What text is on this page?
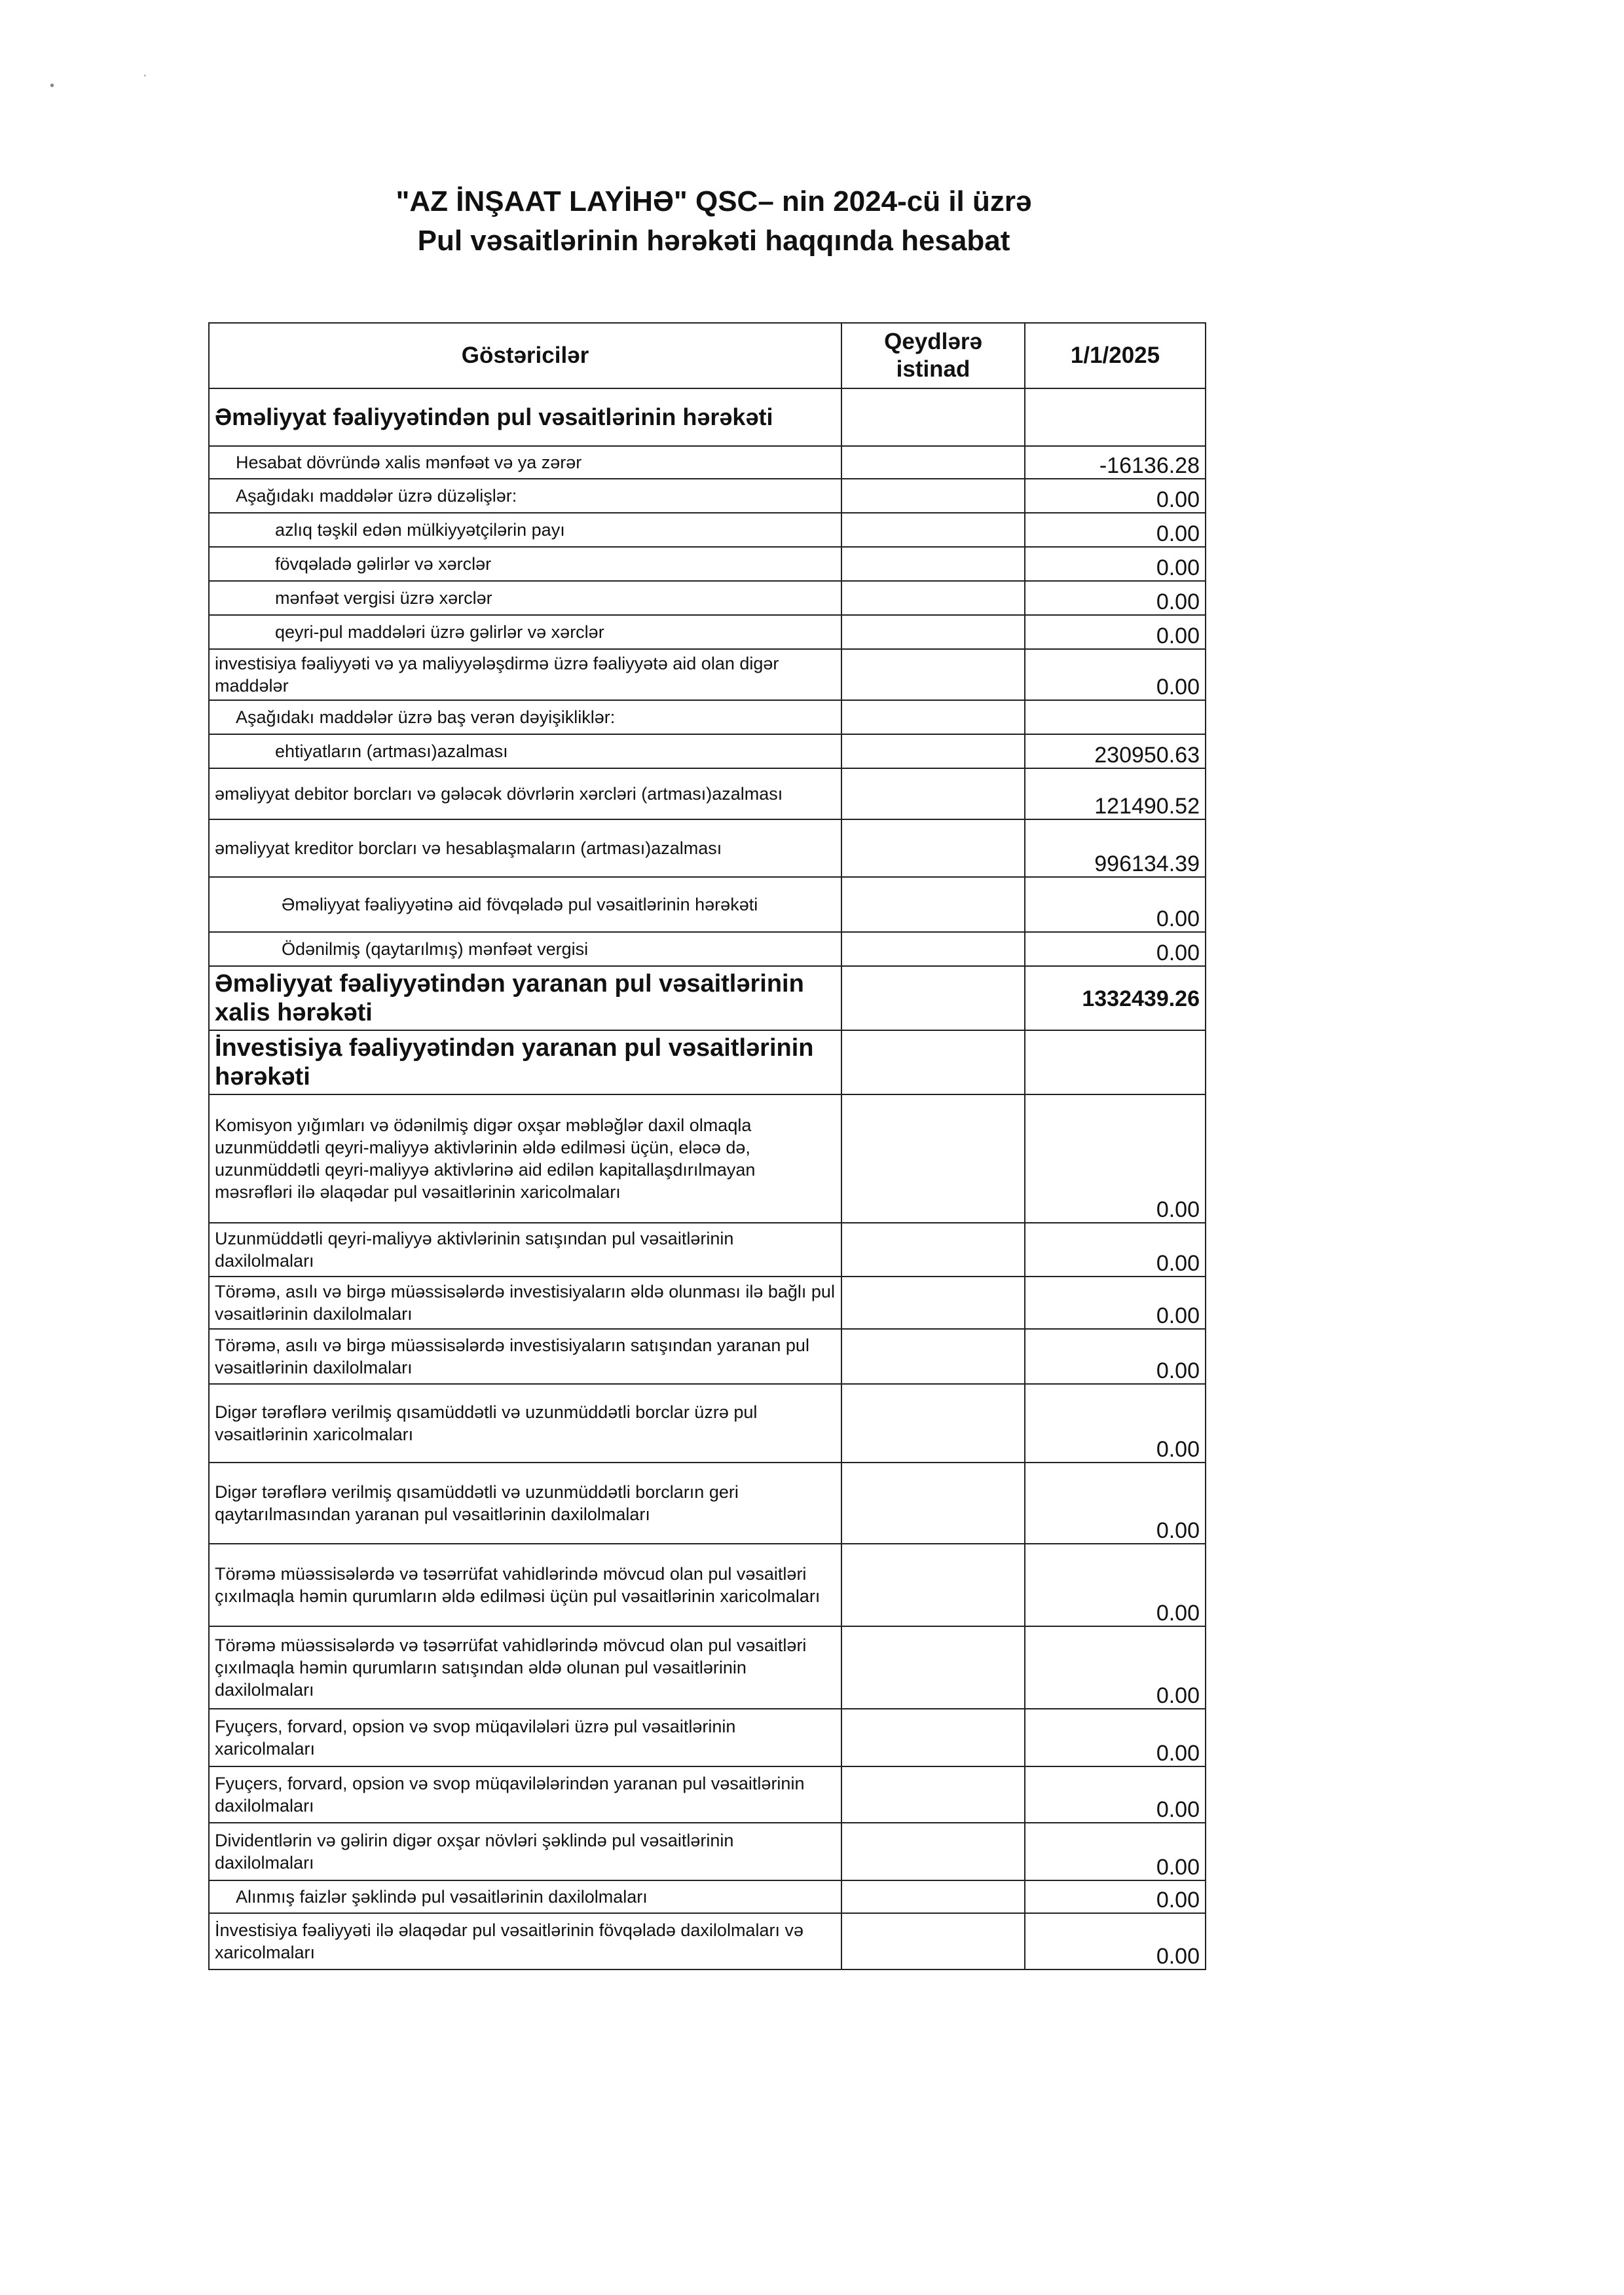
•
·
"AZ İNŞAAT LAYİHƏ" QSC– nin 2024-cü il üzrə
Pul vəsaitlərinin hərəkəti haqqında hesabat
Göstəricilər	Qeydlərə istinad	1/1/2025
Əməliyyat fəaliyyətindən pul vəsaitlərinin hərəkəti		
Hesabat dövründə xalis mənfəət və ya zərər		-16136.28
Aşağıdakı maddələr üzrə düzəlişlər:		0.00
azlıq təşkil edən mülkiyyətçilərin payı		0.00
fövqəladə gəlirlər və xərclər		0.00
mənfəət vergisi üzrə xərclər		0.00
qeyri-pul maddələri üzrə gəlirlər və xərclər		0.00
investisiya fəaliyyəti və ya maliyyələşdirmə üzrə fəaliyyətə aid olan digər maddələr		0.00
Aşağıdakı maddələr üzrə baş verən dəyişikliklər:		
ehtiyatların (artması)azalması		230950.63
əməliyyat debitor borcları və gələcək dövrlərin xərcləri (artması)azalması		121490.52
əməliyyat kreditor borcları və hesablaşmaların (artması)azalması		996134.39
Əməliyyat fəaliyyətinə aid fövqəladə pul vəsaitlərinin hərəkəti		0.00
Ödənilmiş (qaytarılmış) mənfəət vergisi		0.00
Əməliyyat fəaliyyətindən yaranan pul vəsaitlərinin xalis hərəkəti		1332439.26
İnvestisiya fəaliyyətindən yaranan pul vəsaitlərinin hərəkəti		
Komisyon yığımları və ödənilmiş digər oxşar məbləğlər daxil olmaqla uzunmüddətli qeyri-maliyyə aktivlərinin əldə edilməsi üçün, eləcə də, uzunmüddətli qeyri-maliyyə aktivlərinə aid edilən kapitallaşdırılmayan məsrəfləri ilə əlaqədar pul vəsaitlərinin xaricolmaları		0.00
Uzunmüddətli qeyri-maliyyə aktivlərinin satışından pul vəsaitlərinin daxilolmaları		0.00
Törəmə, asılı və birgə müəssisələrdə investisiyaların əldə olunması ilə bağlı pul vəsaitlərinin daxilolmaları		0.00
Törəmə, asılı və birgə müəssisələrdə investisiyaların satışından yaranan pul vəsaitlərinin daxilolmaları		0.00
Digər tərəflərə verilmiş qısamüddətli və uzunmüddətli borclar üzrə pul vəsaitlərinin xaricolmaları		0.00
Digər tərəflərə verilmiş qısamüddətli və uzunmüddətli borcların geri qaytarılmasından yaranan pul vəsaitlərinin daxilolmaları		0.00
Törəmə müəssisələrdə və təsərrüfat vahidlərində mövcud olan pul vəsaitləri çıxılmaqla həmin qurumların əldə edilməsi üçün pul vəsaitlərinin xaricolmaları		0.00
Törəmə müəssisələrdə və təsərrüfat vahidlərində mövcud olan pul vəsaitləri çıxılmaqla həmin qurumların satışından əldə olunan pul vəsaitlərinin daxilolmaları		0.00
Fyuçers, forvard, opsion və svop müqavilələri üzrə pul vəsaitlərinin xaricolmaları		0.00
Fyuçers, forvard, opsion və svop müqavilələrindən yaranan pul vəsaitlərinin daxilolmaları		0.00
Dividentlərin və gəlirin digər oxşar növləri şəklində pul vəsaitlərinin daxilolmaları		0.00
Alınmış faizlər şəklində pul vəsaitlərinin daxilolmaları		0.00
İnvestisiya fəaliyyəti ilə əlaqədar pul vəsaitlərinin fövqəladə daxilolmaları və xaricolmaları		0.00
